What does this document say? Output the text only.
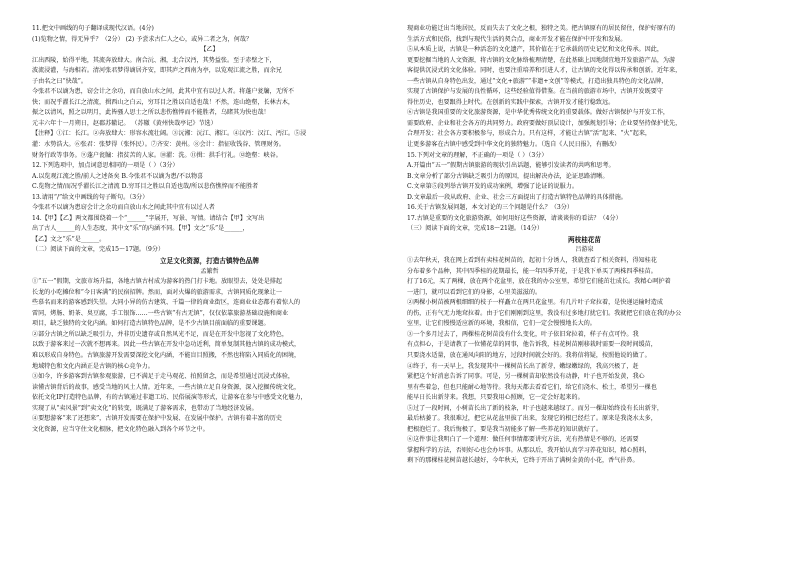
11.把文中画线的句子翻译成现代汉语。(4分)
(1)览物之情，得无异乎？（2分） (2) 予尝求古仁人之心，或异二者之为，何哉？
【乙】
江出西陵，始得平地，其流奔放肆大。南合沅、湘，北合汉沔，其势益张。至于赤壁之下，
波流浸灌，与海相若。清河张君梦得谪居齐安，即其庐之西南为亭，以览观江流之胜，而余兄
子由名之曰“快哉”。
今张君不以谪为患，窃会计之余功，而自放山水之间，此其中宜有以过人者。将蓬户瓮牖，无所不
快；而况乎濯长江之清流，揖西山之白云，穷耳目之胜以自适也哉！不然，连山绝壑，长林古木，
振之以清风，照之以明月，此皆骚人思士之所以悲伤憔悴而不能胜者，乌睹其为快也哉！
元丰六年十一月朔日，赵郡苏辙记。 （苏辙《黄州快哉亭记》节选）
【注释】①江：长江。②奔放肆大：形容水流壮阔。③沅湘：沅江、湘江。④汉沔：汉江、沔江。⑤浸
灌：水势浩大。⑥张君：张梦得（张怀民）。⑦齐安：黄州。⑧会计：指征收钱谷、管理财务。
财务行政等事务。⑨蓬户瓮牖：指贫苦的人家。⑩濯：洗。⑪揖：拱手行礼。⑫绝壑：峡谷。
12.下列选项中，加点词意思相同的一项是（ ）（3分）
A.以览观江流之胜/前人之述备矣 B.今张君不以谪为患/不以物喜
C.览物之情/而况乎濯长江之清流 D.穷耳目之胜以自适也哉/所以悲伤憔悴而不能胜者
13.请用“/”给文中画线的句子断句。（3分）
今张君不以谪为患窃会计之余功而自放山水之间此其中宜有以过人者
14.【甲】【乙】两文都围绕着一个“______”字展开，写景、写情。请结合【甲】文写出
出了古人______的人生态度，其中文“乐”的内涵不同。【甲】文之“乐”是______，
【乙】文之“乐”是______。
（二）阅读下面的文章，完成15～17题。（9分）
立足文化资源，打造古镇特色品牌
孟繁哲
①“五一”假期，文旅市场升温，各地古镇古村成为游客的热门打卡地。放眼望去，处处是排起
长龙的小吃摊位和“今日客满”的民宿招牌。然而，面对火爆的旅游需求，古镇同质化现象让一
些慕名而来的游客感到失望。大同小异的仿古建筑、千篇一律的商业街区，连商业业态都有着惊人的
雷同，烤肠、奶茶、臭豆腐，手工银饰……一些古镇“有古无镇”，仅仅依靠旅游基础设施和商业
项目，缺乏独特的文化内涵。如何打造古镇特色品牌，是不少古镇目前面临的重要课题。
②部分古镇之所以缺乏吸引力，并非历史遗存或自然风光不足，而是在开发中忽视了文化特色，
以致于游客来过一次就不想再来。因此一些古镇在开发中急功近利，简单复制其他古镇的成功模式，
难以形成自身特色。古镇旅游开发需要深挖文化内涵，不能盲目照搬，不然也将陷入同质化的困境，
地域特色和文化内涵正是古镇的核心竞争力。
③如今，许多游客到古镇参观旅游，已不满足于走马观花、拍照留念，而是希望通过沉浸式体验，
读懂古镇背后的故事，感受当地的风土人情。近年来，一些古镇立足自身资源，深入挖掘传统文化，
依托文化IP打造特色品牌，有的古镇通过非遗工坊、民俗展演等形式，让游客在参与中感受文化魅力，
实现了从“卖风景”到“卖文化”的转变，既满足了游客需求，也带动了当地经济发展。
④要想游客“来了还想来”，古镇开发需要在保护中发展、在发展中保护。古镇有着丰富的历史
文化资源，应当守住文化根脉，把文化特色融入到各个环节之中。
现商业功能迁出当地居民，反而失去了文化之根，独特之美。把古镇原有的居民留住，保护好原有的
生活方式和民俗，找到与现代生活的契合点，商业开发才能在保护中开发和发展。
⑤从本质上说，古镇是一种活态的文化遗产，其价值在于它承载的历史记忆和文化传承。因此，
更要挖掘当地的人文资源，将古镇的文化脉络梳理清楚，在此基础上因地制宜地开发旅游产品，为游
客提供沉浸式的文化体验。同时，也要注重培养和引进人才，让古镇的文化得以传承和创新。近年来，
一些古镇从自身特色出发，通过“文化+旅游”“非遗+文创”等模式，打造出独具特色的文化品牌，
实现了古镇保护与发展的良性循环，这些经验值得借鉴。在当前的旅游市场中，古镇开发既要守
得住历史，也要跟得上时代。在创新的实践中探索，古镇开发才能行稳致远。
⑥古镇是我国重要的文化旅游资源，是中华优秀传统文化的重要载体。做好古镇保护与开发工作，
需要政府、企业和社会各方的共同努力。政府要做好顶层设计，加强规划引导；企业要坚持保护优先，
合理开发；社会各方要积极参与，形成合力。只有这样，才能让古镇“活”起来、“火”起来，
让更多游客在古镇中感受到中华文化的独特魅力。（选自《人民日报》，有删改）
15.下列对文章的理解，不正确的一项是（ ）（3分）
A.开篇由“五一”假期古镇旅游的现状引出话题，能够引发读者的共鸣和思考。
B.文章分析了部分古镇缺乏吸引力的原因，提出解决办法，论证思路清晰。
C.文章第⑤段列举古镇开发的成功案例，增强了论证的说服力。
D.文章最后一段从政府、企业、社会三方面提出了打造古镇特色品牌的具体措施。
16.关于古镇发展问题，本文讨论的三个问题是什么？（3分）
17.古镇是重要的文化旅游资源，如何用好这些资源，请谈谈你的看法？（4分）
（三）阅读下面的文章，完成18～21题。（14分）
两枝桂花苗
吕游泉
①去年秋天，我在网上看到有卖桂花树苗的，起初十分诱人，我就查看了相关资料，得知桂花
分布着多个品种，其中四季桂的花期最长，能一年四季开花，于是我下单买了两株四季桂苗。
打了16元，买了两棵，放在两个花盆里，放在我的办公室里，希望它们能茁壮成长。我精心呵护着
一进门，就可以看到它们的身影，心里美滋滋的。
②两棵小树苗被两根细细的枝子一样矗立在两只花盆里。有几片叶子耷拉着，是快递运输时造成
的伤，正有气无力地耷拉着。由于它们刚刚到这里，我没有过多地打扰它们。我就把它们放在我的办公
室里，让它们慢慢适应新的环境，我相信，它们一定会慢慢地长大的。
③一个多月过去了，两棵桂花树苗没有什么变化，叶子依旧耷拉着，样子有点可怜。我
有点担心，于是请教了一位懂花草的同事，他告诉我，桂花树苗刚移栽时需要一段时间缓苗，
只要浇水适量，放在通风向阳的地方，过段时间就会好的。我将信将疑，按照他说的做了。
④终于，有一天早上，我发现其中一棵树苗长出了新芽，嫩绿嫩绿的，我高兴极了，赶
紧把这个好消息告诉了同事。可是，另一棵树苗却依然没有动静，叶子也开始发黄，我心
里有些着急，但也只能耐心地等待。我每天都去看看它们，给它们浇水、松土，希望另一棵也
能早日长出新芽来。我想，只要我用心照顾，它一定会好起来的。
⑤过了一段时间，小树苗长出了新的枝条，叶子也越来越绿了。而另一棵却始终没有长出新芽，
最后枯萎了。我很难过，把它从花盆里拔了出来，发现它的根已经烂了。原来是我浇水太多，
把根泡烂了。我后悔极了，要是我当初能多了解一些养花的知识就好了。
⑥这件事让我明白了一个道理：做任何事情都要讲究方法，光有热情是不够的，还需要
掌握科学的方法，否则好心也会办坏事。从那以后，我开始认真学习养花知识，精心照料，
剩下的那棵桂花树苗越长越好，今年秋天，它终于开出了满树金黄的小花，香气扑鼻。
